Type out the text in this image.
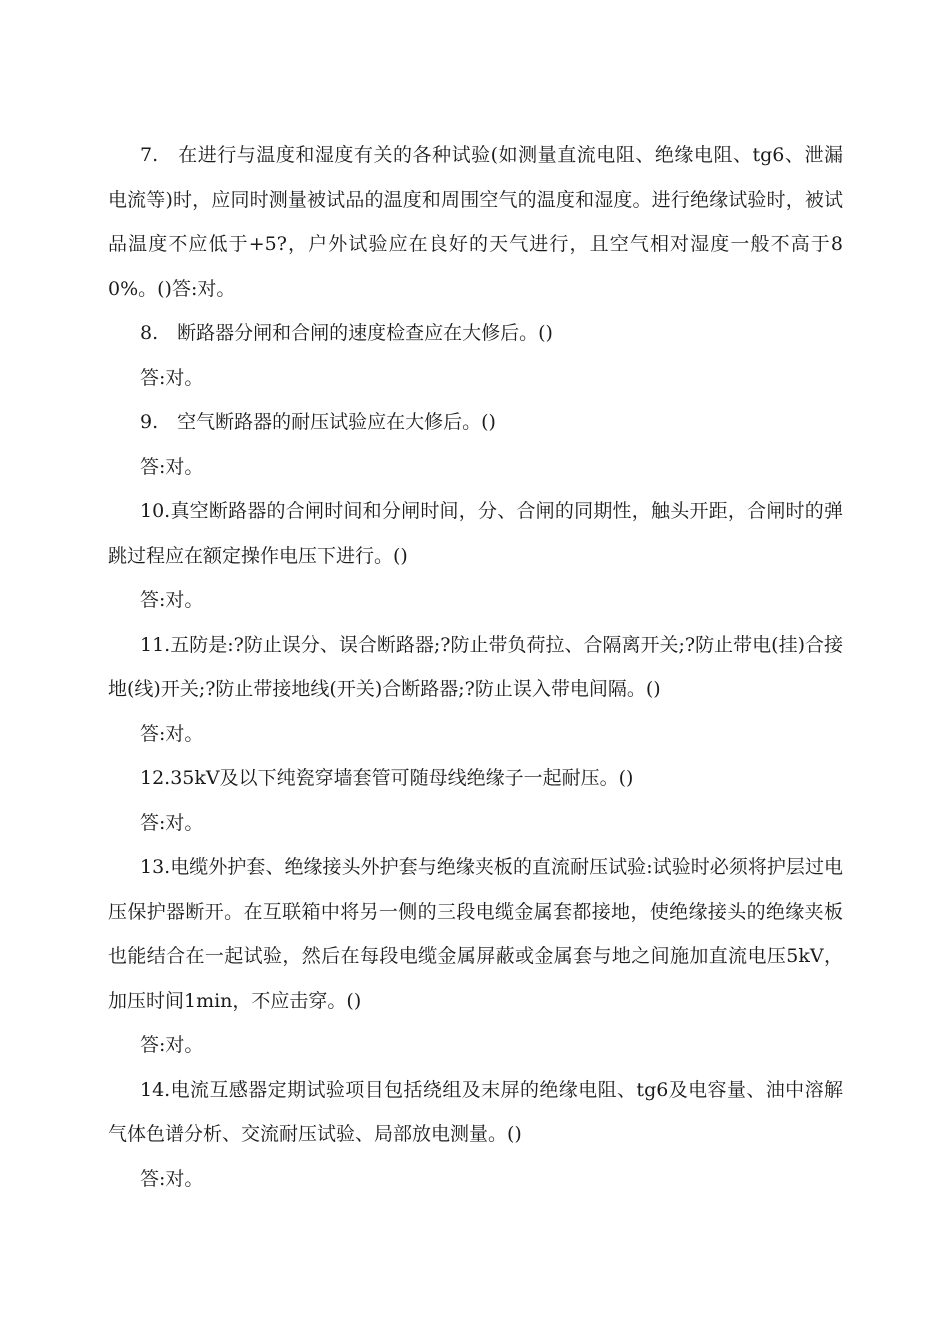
7.　在进行与温度和湿度有关的各种试验(如测量直流电阻、绝缘电阻、tg6、泄漏电流等)时，应同时测量被试品的温度和周围空气的温度和湿度。进行绝缘试验时，被试品温度不应低于+5?，户外试验应在良好的天气进行，且空气相对湿度一般不高于80%。()答:对。

8.　断路器分闸和合闸的速度检查应在大修后。()

答:对。

9.　空气断路器的耐压试验应在大修后。()

答:对。

10.真空断路器的合闸时间和分闸时间，分、合闸的同期性，触头开距，合闸时的弹跳过程应在额定操作电压下进行。()

答:对。

11.五防是:?防止误分、误合断路器;?防止带负荷拉、合隔离开关;?防止带电(挂)合接地(线)开关;?防止带接地线(开关)合断路器;?防止误入带电间隔。()

答:对。

12.35kV及以下纯瓷穿墙套管可随母线绝缘子一起耐压。()

答:对。

13.电缆外护套、绝缘接头外护套与绝缘夹板的直流耐压试验:试验时必须将护层过电压保护器断开。在互联箱中将另一侧的三段电缆金属套都接地，使绝缘接头的绝缘夹板也能结合在一起试验，然后在每段电缆金属屏蔽或金属套与地之间施加直流电压5kV，加压时间1min，不应击穿。()

答:对。

14.电流互感器定期试验项目包括绕组及末屏的绝缘电阻、tg6及电容量、油中溶解气体色谱分析、交流耐压试验、局部放电测量。()

答:对。
